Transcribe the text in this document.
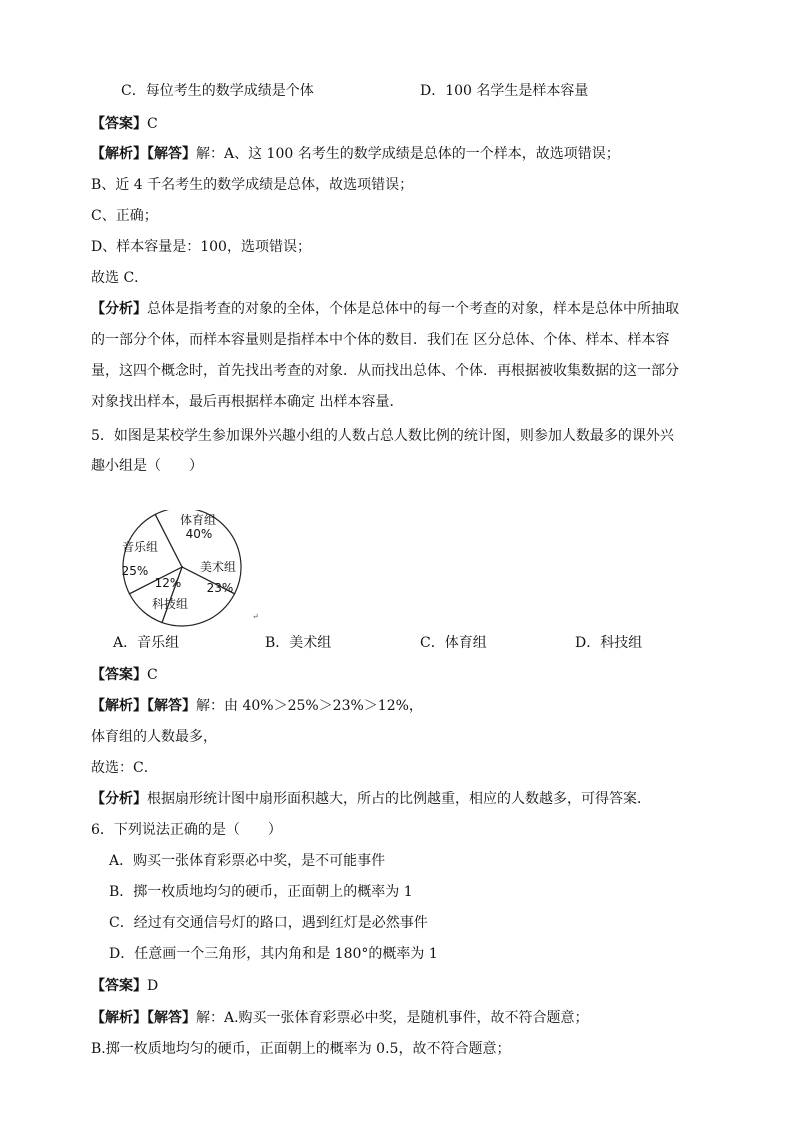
C．每位考生的数学成绩是个体	D．100 名学生是样本容量
【答案】C
【解析】【解答】解：A、这 100 名考生的数学成绩是总体的一个样本，故选项错误；
B、近 4 千名考生的数学成绩是总体，故选项错误；
C、正确；
D、样本容量是：100，选项错误；
故选 C．
【分析】总体是指考查的对象的全体，个体是总体中的每一个考查的对象，样本是总体中所抽取
的一部分个体，而样本容量则是指样本中个体的数目．我们在 区分总体、个体、样本、样本容
量，这四个概念时，首先找出考查的对象．从而找出总体、个体．再根据被收集数据的这一部分
对象找出样本，最后再根据样本确定 出样本容量．
5．如图是某校学生参加课外兴趣小组的人数占总人数比例的统计图，则参加人数最多的课外兴
趣小组是（　　）
体育组
40%
美术组
23%
科技组
12%
音乐组
25%
↵
A．音乐组	B．美术组	C．体育组	D．科技组
【答案】C
【解析】【解答】解：由 40%＞25%＞23%＞12%，
体育组的人数最多，
故选：C．
【分析】根据扇形统计图中扇形面积越大，所占的比例越重，相应的人数越多，可得答案．
6．下列说法正确的是（　　）
A．购买一张体育彩票必中奖，是不可能事件
B．掷一枚质地均匀的硬币，正面朝上的概率为 1
C．经过有交通信号灯的路口，遇到红灯是必然事件
D．任意画一个三角形，其内角和是 180°的概率为 1
【答案】D
【解析】【解答】解：A.购买一张体育彩票必中奖，是随机事件，故不符合题意；
B.掷一枚质地均匀的硬币，正面朝上的概率为 0.5，故不符合题意；
